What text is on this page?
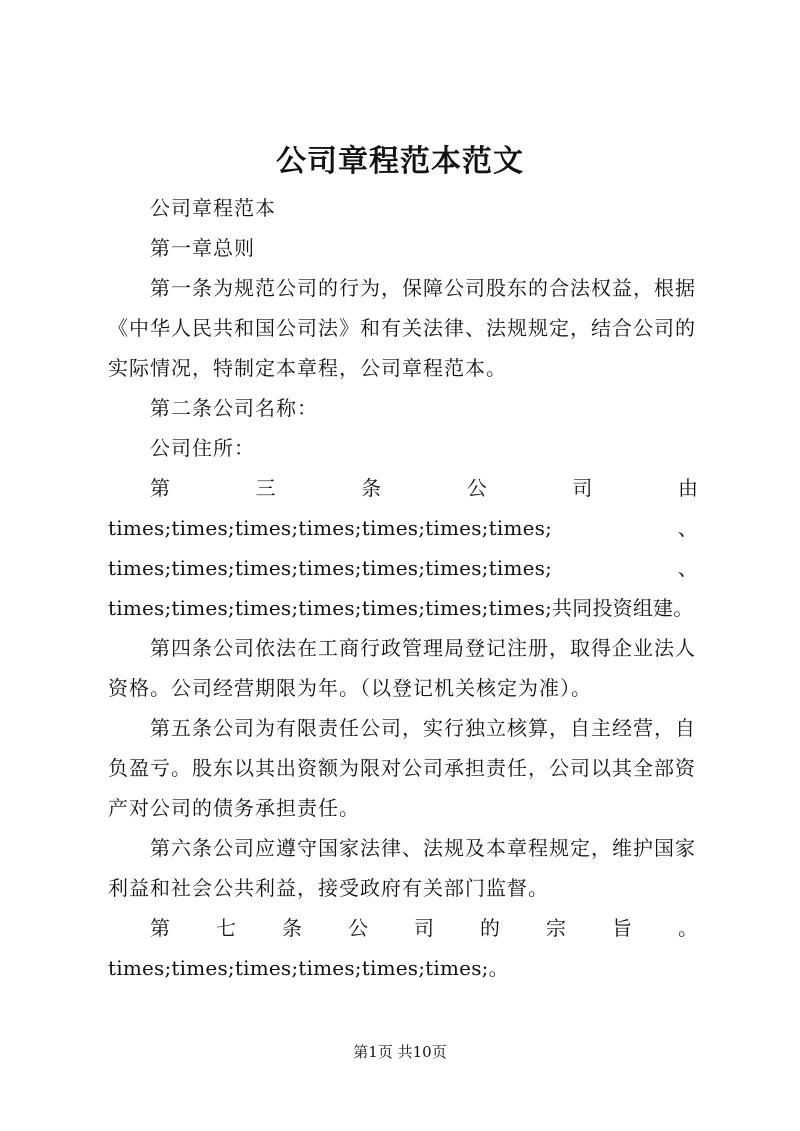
公司章程范本范文

公司章程范本

第一章总则

第一条为规范公司的行为，保障公司股东的合法权益，根据《中华人民共和国公司法》和有关法律、法规规定，结合公司的实际情况，特制定本章程，公司章程范本。

第二条公司名称：

公司住所：

第	三	条	公	司	由
times;times;times;times;times;times;times;	、
times;times;times;times;times;times;times;	、
times;times;times;times;times;times;times;共同投资组建。

第四条公司依法在工商行政管理局登记注册，取得企业法人资格。公司经营期限为年。（以登记机关核定为准）。

第五条公司为有限责任公司，实行独立核算，自主经营，自负盈亏。股东以其出资额为限对公司承担责任，公司以其全部资产对公司的债务承担责任。

第六条公司应遵守国家法律、法规及本章程规定，维护国家利益和社会公共利益，接受政府有关部门监督。

第 七 条 公 司 的 宗 旨 。
times;times;times;times;times;times;。
第1页 共10页
